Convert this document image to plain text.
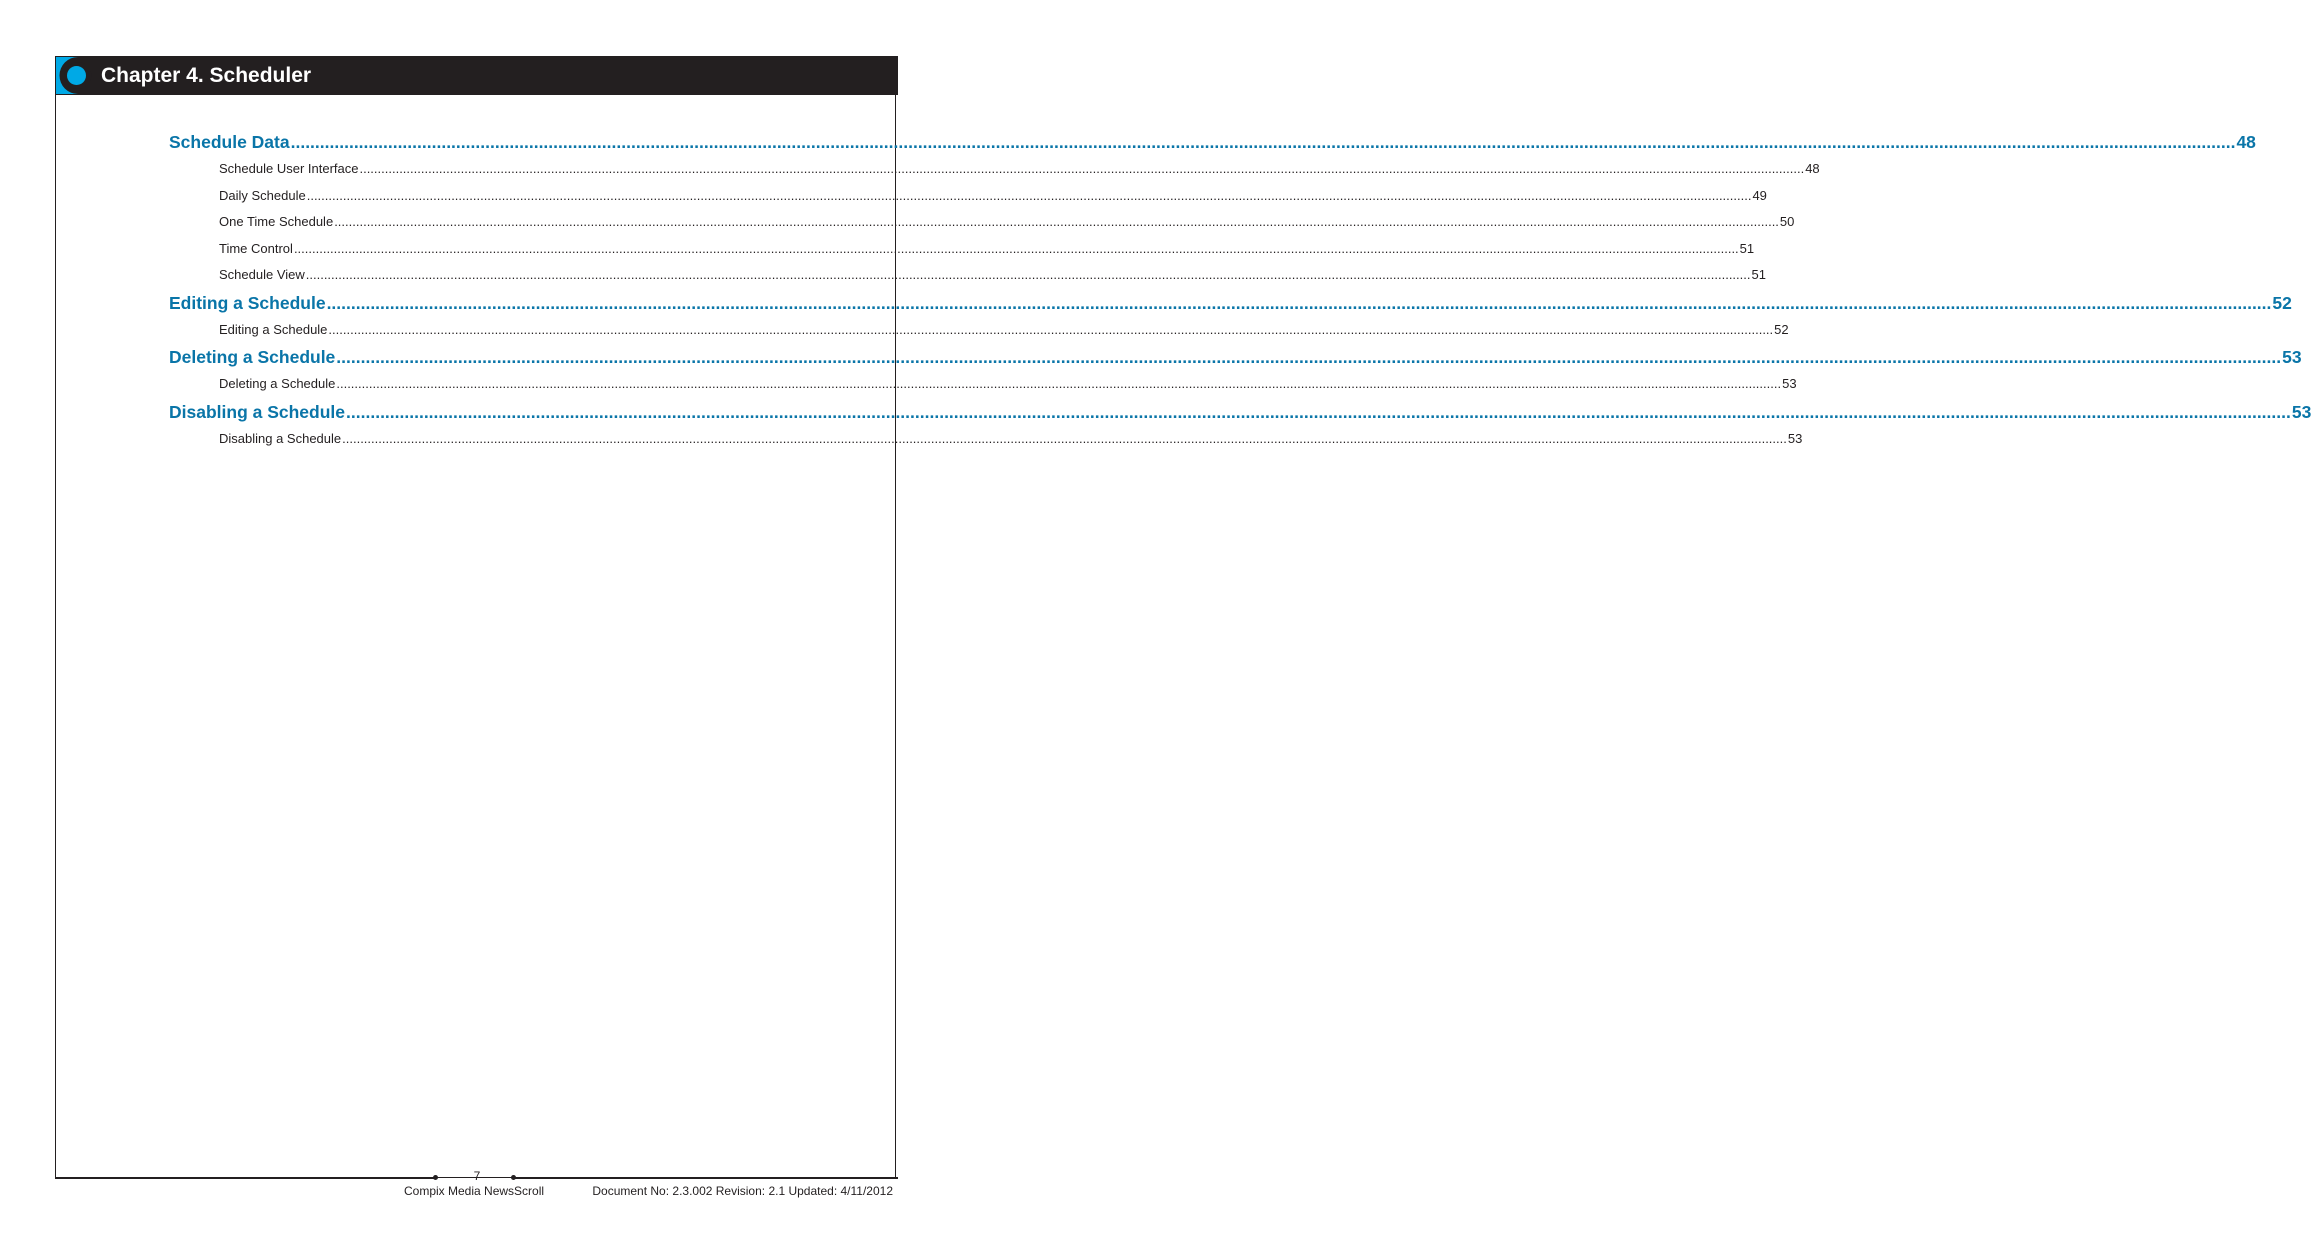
Chapter 4. Scheduler
Schedule Data ................................................................................................................................................................................................................................................................................................................................................................................................................ 48
Schedule User Interface ................................................................................................................................................................................................................................................................................................................................................................................................................ 48
Daily Schedule ................................................................................................................................................................................................................................................................................................................................................................................................................ 49
One Time Schedule ................................................................................................................................................................................................................................................................................................................................................................................................................ 50
Time Control ................................................................................................................................................................................................................................................................................................................................................................................................................ 51
Schedule View ................................................................................................................................................................................................................................................................................................................................................................................................................ 51
Editing a Schedule ................................................................................................................................................................................................................................................................................................................................................................................................................ 52
Editing a Schedule ................................................................................................................................................................................................................................................................................................................................................................................................................ 52
Deleting a Schedule ................................................................................................................................................................................................................................................................................................................................................................................................................ 53
Deleting a Schedule ................................................................................................................................................................................................................................................................................................................................................................................................................ 53
Disabling a Schedule ................................................................................................................................................................................................................................................................................................................................................................................................................ 53
Disabling a Schedule ................................................................................................................................................................................................................................................................................................................................................................................................................ 53
7
Compix Media NewsScroll	Document No: 2.3.002 Revision: 2.1 Updated: 4/11/2012
